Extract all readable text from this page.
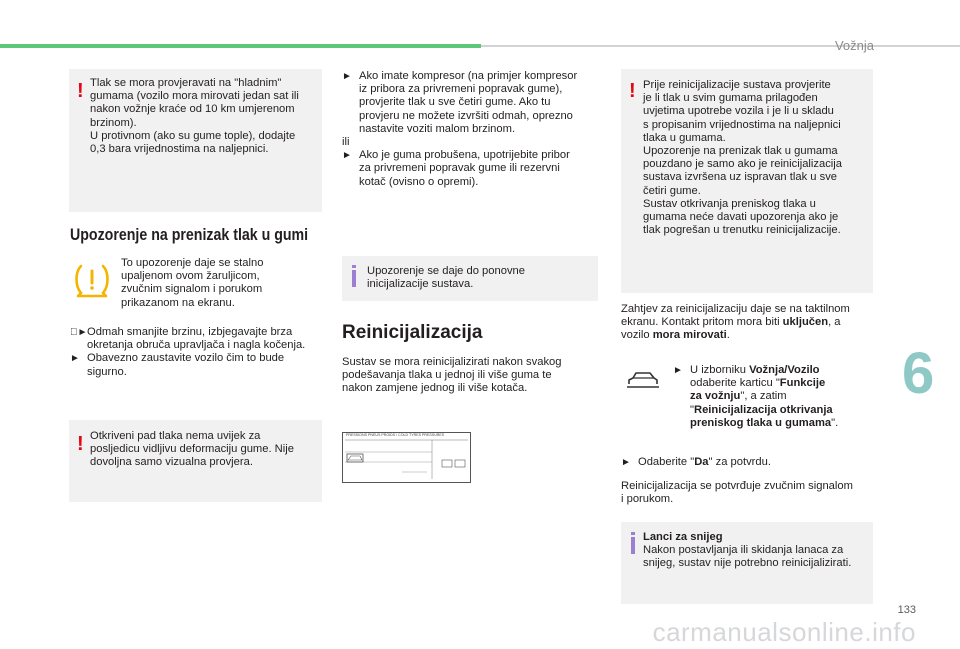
Vožnja
6
133
carmanualsonline.info
! Tlak se mora provjeravati na "hladnim"
gumama (vozilo mora mirovati jedan sat ili
nakon vožnje kraće od 10 km umjerenom
brzinom).
U protivnom (ako su gume tople), dodajte
0,3 bara vrijednostima na naljepnici.
Upozorenje na prenizak tlak u gumi
To upozorenje daje se stalno
upaljenom ovom žaruljicom,
zvučnim signalom i porukom
prikazanom na ekranu.
► Odmah smanjite brzinu, izbjegavajte brza
okretanja obruča upravljača i nagla kočenja.
► Obavezno zaustavite vozilo čim to bude
sigurno.
! Otkriveni pad tlaka nema uvijek za
posljedicu vidljivu deformaciju gume. Nije
dovoljna samo vizualna provjera.
► Ako imate kompresor (na primjer kompresor
iz pribora za privremeni popravak gume),
provjerite tlak u sve četiri gume. Ako tu
provjeru ne možete izvršiti odmah, oprezno
nastavite voziti malom brzinom.
ili
► Ako je guma probušena, upotrijebite pribor
za privremeni popravak gume ili rezervni
kotač (ovisno o opremi).
Upozorenje se daje do ponovne
inicijalizacije sustava.
Reinicijalizacija
Sustav se mora reinicijalizirati nakon svakog
podešavanja tlaka u jednoj ili više guma te
nakon zamjene jednog ili više kotača.
PRESSIONS PNEUS PROIDS / COLD TYRES PRESSURES
! Prije reinicijalizacije sustava provjerite
je li tlak u svim gumama prilagođen
uvjetima upotrebe vozila i je li u skladu
s propisanim vrijednostima na naljepnici
tlaka u gumama.
Upozorenje na prenizak tlak u gumama
pouzdano je samo ako je reinicijalizacija
sustava izvršena uz ispravan tlak u sve
četiri gume.
Sustav otkrivanja preniskog tlaka u
gumama neće davati upozorenja ako je
tlak pogrešan u trenutku reinicijalizacije.
Zahtjev za reinicijalizaciju daje se na taktilnom
ekranu. Kontakt pritom mora biti uključen, a
vozilo mora mirovati.
► U izborniku Vožnja/Vozilo
odaberite karticu "Funkcije
za vožnju", a zatim
"Reinicijalizacija otkrivanja
preniskog tlaka u gumama".
► Odaberite "Da" za potvrdu.
Reinicijalizacija se potvrđuje zvučnim signalom
i porukom.
Lanci za snijeg
Nakon postavljanja ili skidanja lanaca za
snijeg, sustav nije potrebno reinicijalizirati.
